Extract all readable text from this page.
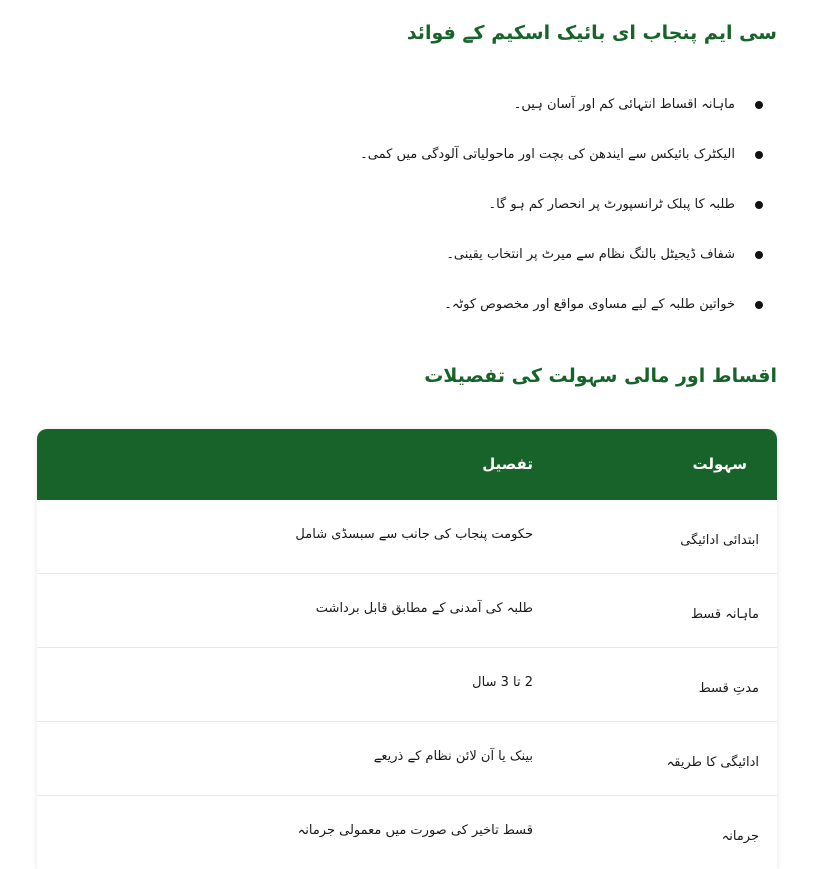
سی ایم پنجاب ای بائیک اسکیم کے فوائد
ماہانہ اقساط انتہائی کم اور آسان ہیں۔
الیکٹرک بائیکس سے ایندھن کی بچت اور ماحولیاتی آلودگی میں کمی۔
طلبہ کا پبلک ٹرانسپورٹ پر انحصار کم ہو گا۔
شفاف ڈیجیٹل بالنگ نظام سے میرٹ پر انتخاب یقینی۔
خواتین طلبہ کے لیے مساوی مواقع اور مخصوص کوٹہ۔
اقساط اور مالی سہولت کی تفصیلات
سہولت
تفصیل
ابتدائی ادائیگی
حکومت پنجاب کی جانب سے سبسڈی شامل
ماہانہ قسط
طلبہ کی آمدنی کے مطابق قابل برداشت
مدتِ قسط
2 تا 3 سال
ادائیگی کا طریقہ
بینک یا آن لائن نظام کے ذریعے
جرمانہ
قسط تاخیر کی صورت میں معمولی جرمانہ
